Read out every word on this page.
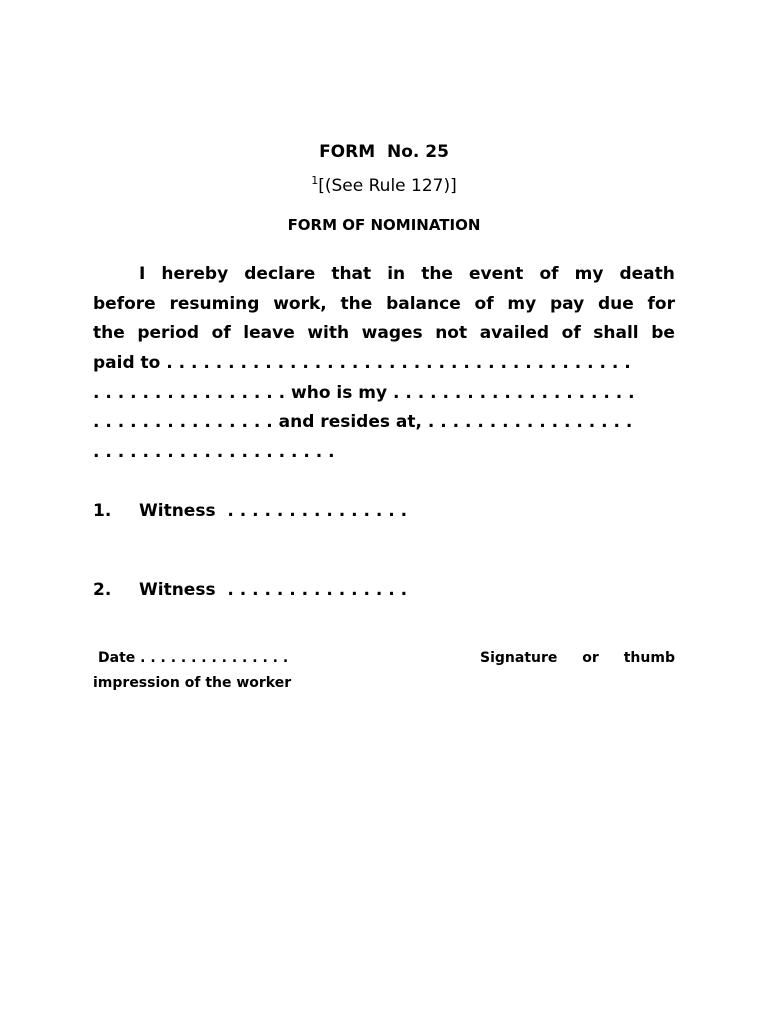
FORM  No. 25
$^1$[(See Rule 127)]
FORM OF NOMINATION
I hereby declare that in the event of my death
before resuming work, the balance of my pay due for
the period of leave with wages not availed of shall be
paid to . . . . . . . . . . . . . . . . . . . . . . . . . . . . . . . . . . . . . .
. . . . . . . . . . . . . . . . who is my . . . . . . . . . . . . . . . . . . . .
. . . . . . . . . . . . . . . and resides at, . . . . . . . . . . . . . . . . .
. . . . . . . . . . . . . . . . . . . .
1. Witness  . . . . . . . . . . . . . . .
2. Witness  . . . . . . . . . . . . . . .
Date . . . . . . . . . . . . . . .	Signature or thumb
impression of the worker
